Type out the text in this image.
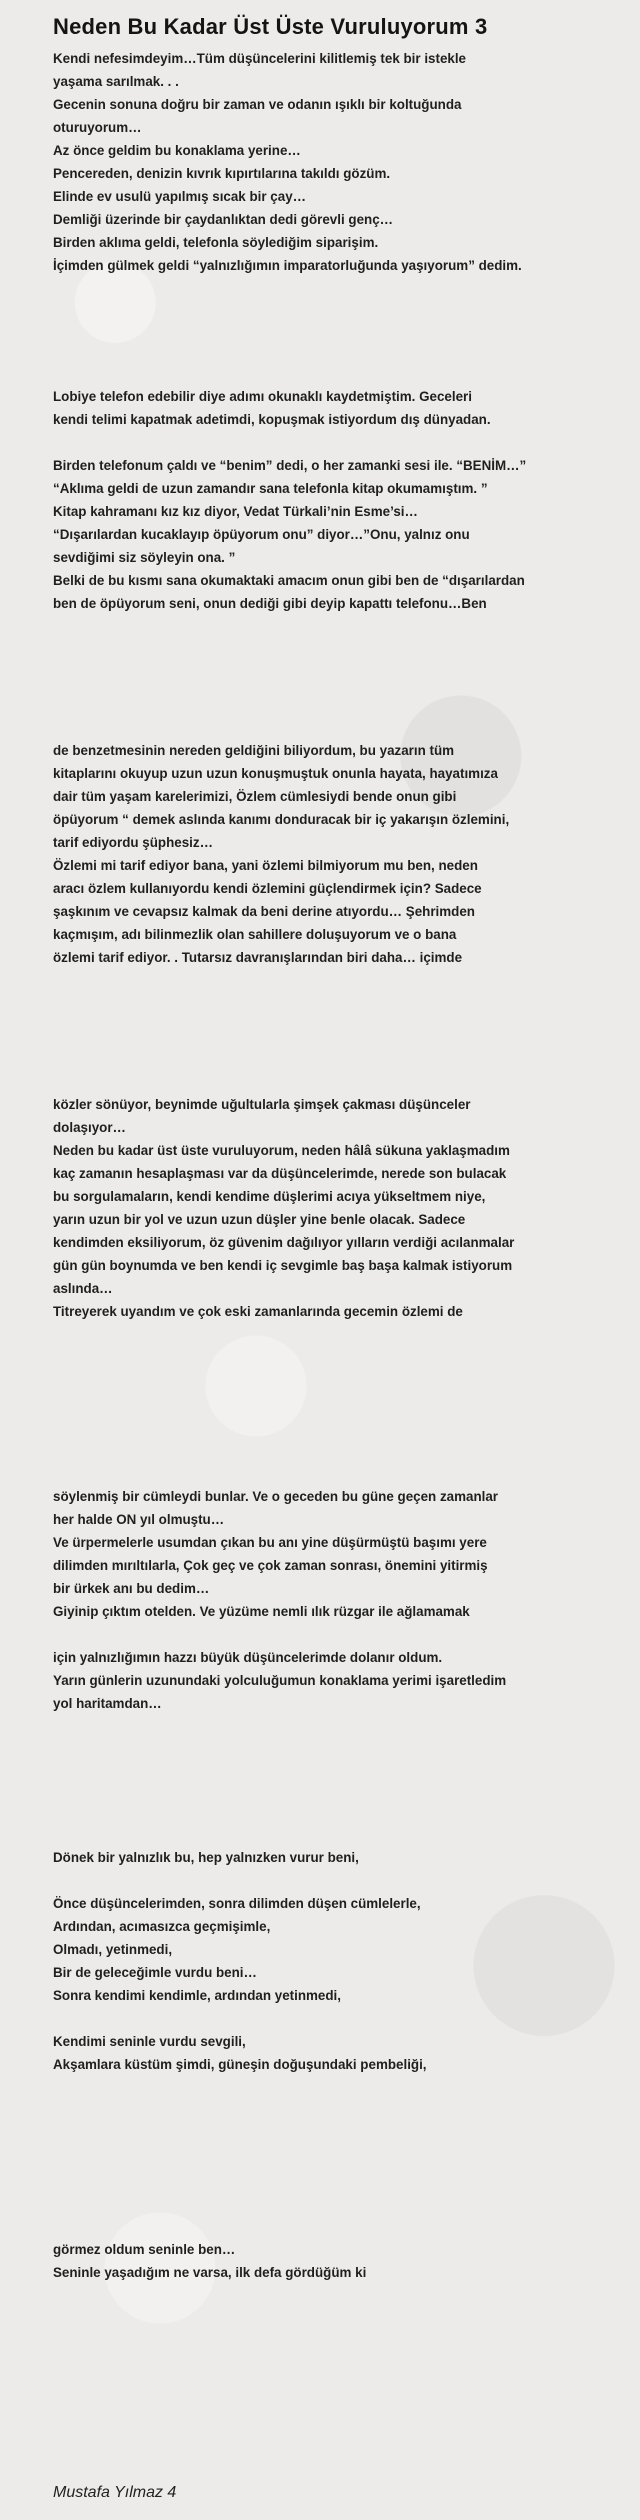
Neden Bu Kadar Üst Üste Vuruluyorum 3

Kendi nefesimdeyim…Tüm düşüncelerini kilitlemiş tek bir istekle

yaşama sarılmak. . .

Gecenin sonuna doğru bir zaman ve odanın ışıklı bir koltuğunda

oturuyorum…

Az önce geldim bu konaklama yerine…

Pencereden, denizin kıvrık kıpırtılarına takıldı gözüm.

Elinde ev usulü yapılmış sıcak bir çay…

Demliği üzerinde bir çaydanlıktan dedi görevli genç…

Birden aklıma geldi, telefonla söylediğim siparişim.

İçimden gülmek geldi “yalnızlığımın imparatorluğunda yaşıyorum” dedim.

Lobiye telefon edebilir diye adımı okunaklı kaydetmiştim. Geceleri

kendi telimi kapatmak adetimdi, kopuşmak istiyordum dış dünyadan.

Birden telefonum çaldı ve “benim” dedi, o her zamanki sesi ile. “BENİM…”

“Aklıma geldi de uzun zamandır sana telefonla kitap okumamıştım. ”

Kitap kahramanı kız kız diyor, Vedat Türkali’nin Esme’si…

“Dışarılardan kucaklayıp öpüyorum onu” diyor…”Onu, yalnız onu

sevdiğimi siz söyleyin ona. ”

Belki de bu kısmı sana okumaktaki amacım onun gibi ben de “dışarılardan

ben de öpüyorum seni, onun dediği gibi deyip kapattı telefonu…Ben

de benzetmesinin nereden geldiğini biliyordum, bu yazarın tüm

kitaplarını okuyup uzun uzun konuşmuştuk onunla hayata, hayatımıza

dair tüm yaşam karelerimizi, Özlem cümlesiydi bende onun gibi

öpüyorum “ demek aslında kanımı donduracak bir iç yakarışın özlemini,

tarif ediyordu şüphesiz…

Özlemi mi tarif ediyor bana, yani özlemi bilmiyorum mu ben, neden

aracı özlem kullanıyordu kendi özlemini güçlendirmek için? Sadece

şaşkınım ve cevapsız kalmak da beni derine atıyordu… Şehrimden

kaçmışım, adı bilinmezlik olan sahillere doluşuyorum ve o bana

özlemi tarif ediyor. . Tutarsız davranışlarından biri daha… içimde

közler sönüyor, beynimde uğultularla şimşek çakması düşünceler

dolaşıyor…

Neden bu kadar üst üste vuruluyorum, neden hâlâ sükuna yaklaşmadım

kaç zamanın hesaplaşması var da düşüncelerimde, nerede son bulacak

bu sorgulamaların, kendi kendime düşlerimi acıya yükseltmem niye,

yarın uzun bir yol ve uzun uzun düşler yine benle olacak. Sadece

kendimden eksiliyorum, öz güvenim dağılıyor yılların verdiği acılanmalar

gün gün boynumda ve ben kendi iç sevgimle baş başa kalmak istiyorum

aslında…

Titreyerek uyandım ve çok eski zamanlarında gecemin özlemi de

söylenmiş bir cümleydi bunlar. Ve o geceden bu güne geçen zamanlar

her halde ON yıl olmuştu…

Ve ürpermelerle usumdan çıkan bu anı yine düşürmüştü başımı yere

dilimden mırıltılarla, Çok geç ve çok zaman sonrası, önemini yitirmiş

bir ürkek anı bu dedim…

Giyinip çıktım otelden. Ve yüzüme nemli ılık rüzgar ile ağlamamak

için yalnızlığımın hazzı büyük düşüncelerimde dolanır oldum.

Yarın günlerin uzunundaki yolculuğumun konaklama yerimi işaretledim

yol haritamdan…

Dönek bir yalnızlık bu, hep yalnızken vurur beni,

Önce düşüncelerimden, sonra dilimden düşen cümlelerle,

Ardından, acımasızca geçmişimle,

Olmadı, yetinmedi,

Bir de geleceğimle vurdu beni…

Sonra kendimi kendimle, ardından yetinmedi,

Kendimi seninle vurdu sevgili,

Akşamlara küstüm şimdi, güneşin doğuşundaki pembeliği,

görmez oldum seninle ben…

Seninle yaşadığım ne varsa, ilk defa gördüğüm ki

Mustafa Yılmaz 4
